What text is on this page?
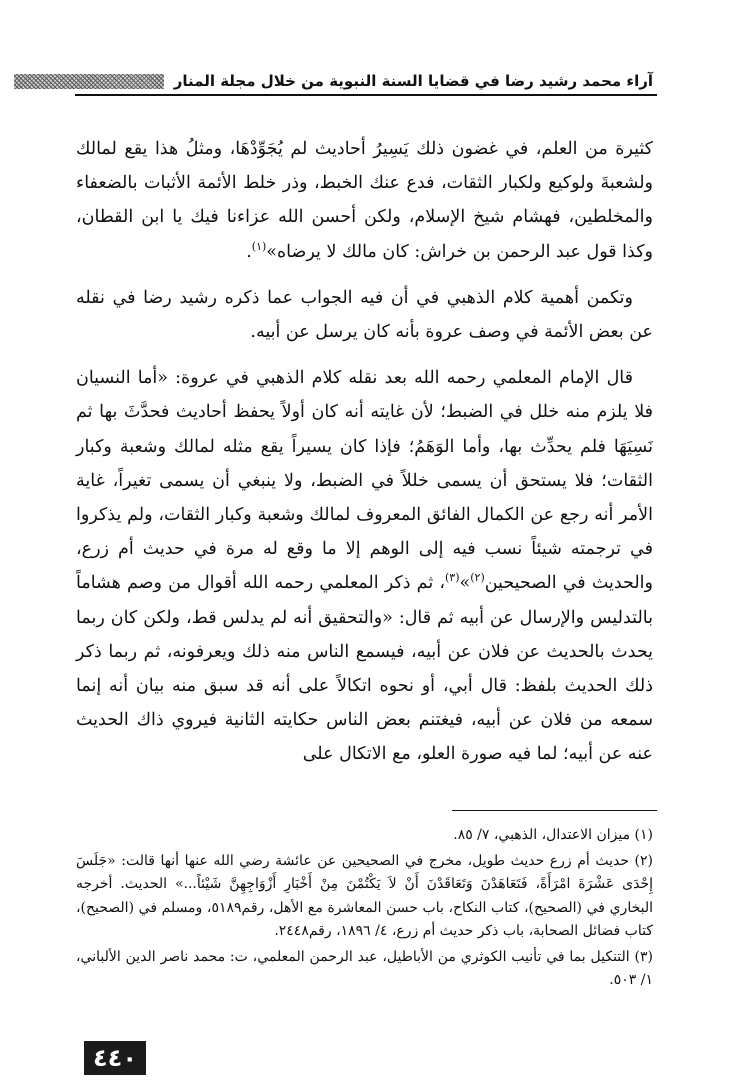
آراء محمد رشيد رضا في قضايا السنة النبوية من خلال مجلة المنار

كثيرة من العلم، في غضون ذلك يَسِيرُ أحاديث لم يُجَوِّدْهَا، ومثلُ هذا يقع لمالك ولشعبةَ ولوكيع ولكبار الثقات، فدع عنك الخبط، وذر خلط الأئمة الأثبات بالضعفاء والمخلطين، فهشام شيخ الإسلام، ولكن أحسن الله عزاءنا فيك يا ابن القطان، وكذا قول عبد الرحمن بن خراش: كان مالك لا يرضاه»$^{(١)}$.

وتكمن أهمية كلام الذهبي في أن فيه الجواب عما ذكره رشيد رضا في نقله عن بعض الأئمة في وصف عروة بأنه كان يرسل عن أبيه.

قال الإمام المعلمي رحمه الله بعد نقله كلام الذهبي في عروة: «أما النسيان فلا يلزم منه خلل في الضبط؛ لأن غايته أنه كان أولاً يحفظ أحاديث فحدَّثَ بها ثم نَسِيَهَا فلم يحدِّث بها، وأما الوَهَمُ؛ فإذا كان يسيراً يقع مثله لمالك وشعبة وكبار الثقات؛ فلا يستحق أن يسمى خللاً في الضبط، ولا ينبغي أن يسمى تغيراً، غاية الأمر أنه رجع عن الكمال الفائق المعروف لمالك وشعبة وكبار الثقات، ولم يذكروا في ترجمته شيئاً نسب فيه إلى الوهم إلا ما وقع له مرة في حديث أم زرع، والحديث في الصحيحين$^{(٢)}$»$^{(٣)}$، ثم ذكر المعلمي رحمه الله أقوال من وصم هشاماً بالتدليس والإرسال عن أبيه ثم قال: «والتحقيق أنه لم يدلس قط، ولكن كان ربما يحدث بالحديث عن فلان عن أبيه، فيسمع الناس منه ذلك ويعرفونه، ثم ربما ذكر ذلك الحديث بلفظ: قال أبي، أو نحوه اتكالاً على أنه قد سبق منه بيان أنه إنما سمعه من فلان عن أبيه، فيغتنم بعض الناس حكايته الثانية فيروي ذاك الحديث عنه عن أبيه؛ لما فيه صورة العلو، مع الاتكال على

(١) ميزان الاعتدال، الذهبي، ٧/ ٨٥.

(٢) حديث أم زرع حديث طويل، مخرج في الصحيحين عن عائشة رضي الله عنها أنها قالت: «جَلَسَ إِحْدَى عَشْرَةَ امْرَأَةً، فَتَعَاهَدْنَ وَتَعَاقَدْنَ أَنْ لاَ يَكْتُمْنَ مِنْ أَخْبَارِ أَزْوَاجِهِنَّ شَيْئاً...» الحديث. أخرجه البخاري في (الصحيح)، كتاب النكاح، باب حسن المعاشرة مع الأهل، رقم٥١٨٩، ومسلم في (الصحيح)، كتاب فضائل الصحابة، باب ذكر حديث أم زرع، ٤/ ١٨٩٦، رقم٢٤٤٨.

(٣) التنكيل بما في تأنيب الكوثري من الأباطيل، عبد الرحمن المعلمي، ت: محمد ناصر الدين الألباني، ١/ ٥٠٣.

٤٤٠
